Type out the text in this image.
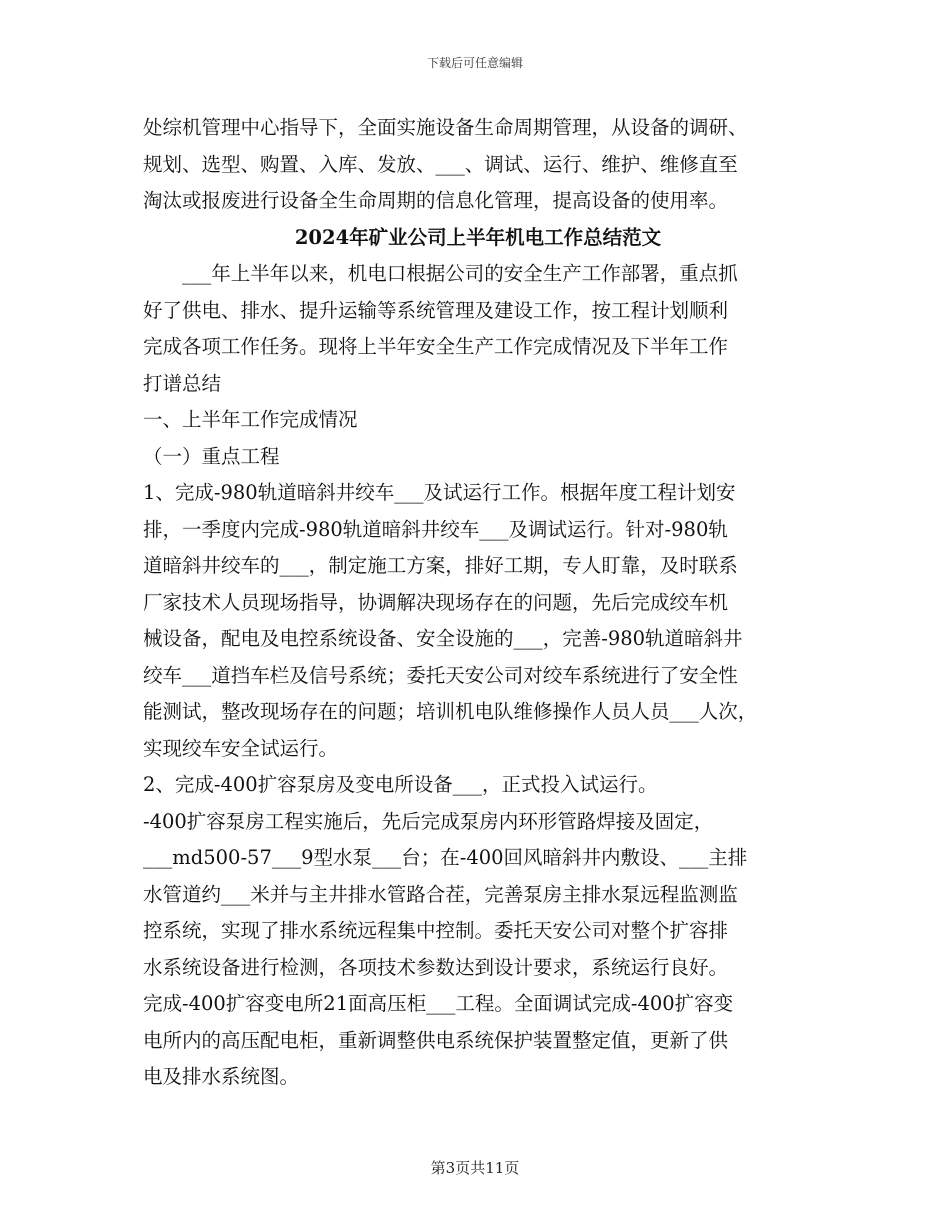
下载后可任意编辑
处综机管理中心指导下，全面实施设备生命周期管理，从设备的调研、
规划、选型、购置、入库、发放、___、调试、运行、维护、维修直至
淘汰或报废进行设备全生命周期的信息化管理，提高设备的使用率。
2024年矿业公司上半年机电工作总结范文
　　___年上半年以来，机电口根据公司的安全生产工作部署，重点抓
好了供电、排水、提升运输等系统管理及建设工作，按工程计划顺利
完成各项工作任务。现将上半年安全生产工作完成情况及下半年工作
打谱总结
一、上半年工作完成情况
（一）重点工程
1、完成-980轨道暗斜井绞车___及试运行工作。根据年度工程计划安
排，一季度内完成-980轨道暗斜井绞车___及调试运行。针对-980轨
道暗斜井绞车的___，制定施工方案，排好工期，专人盯靠，及时联系
厂家技术人员现场指导，协调解决现场存在的问题，先后完成绞车机
械设备，配电及电控系统设备、安全设施的___，完善-980轨道暗斜井
绞车___道挡车栏及信号系统；委托天安公司对绞车系统进行了安全性
能测试，整改现场存在的问题；培训机电队维修操作人员人员___人次，
实现绞车安全试运行。
2、完成-400扩容泵房及变电所设备___，正式投入试运行。
-400扩容泵房工程实施后，先后完成泵房内环形管路焊接及固定，
___md500-57___9型水泵___台；在-400回风暗斜井内敷设、___主排
水管道约___米并与主井排水管路合茬，完善泵房主排水泵远程监测监
控系统，实现了排水系统远程集中控制。委托天安公司对整个扩容排
水系统设备进行检测，各项技术参数达到设计要求，系统运行良好。
完成-400扩容变电所21面高压柜___工程。全面调试完成-400扩容变
电所内的高压配电柜，重新调整供电系统保护装置整定值，更新了供
电及排水系统图。
第3页共11页
